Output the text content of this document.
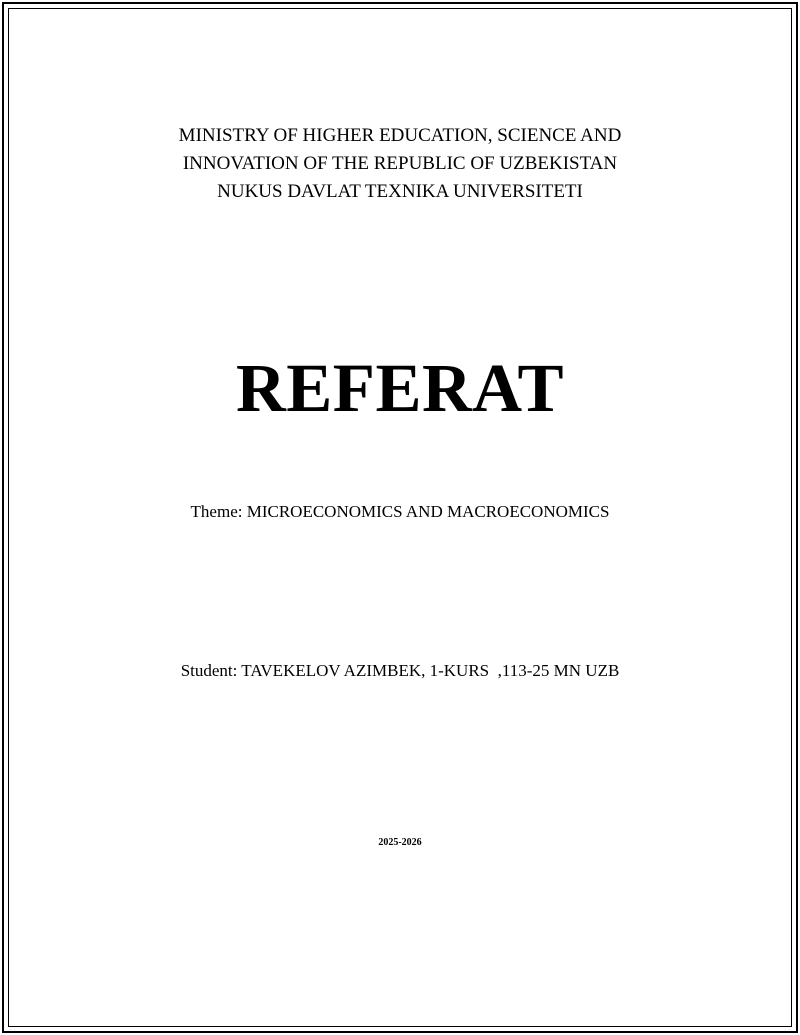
MINISTRY OF HIGHER EDUCATION, SCIENCE AND
INNOVATION OF THE REPUBLIC OF UZBEKISTAN
NUKUS DAVLAT TEXNIKA UNIVERSITETI
REFERAT
Theme: MICROECONOMICS AND MACROECONOMICS
Student: TAVEKELOV AZIMBEK, 1-KURS  ,113-25 MN UZB
2025-2026
